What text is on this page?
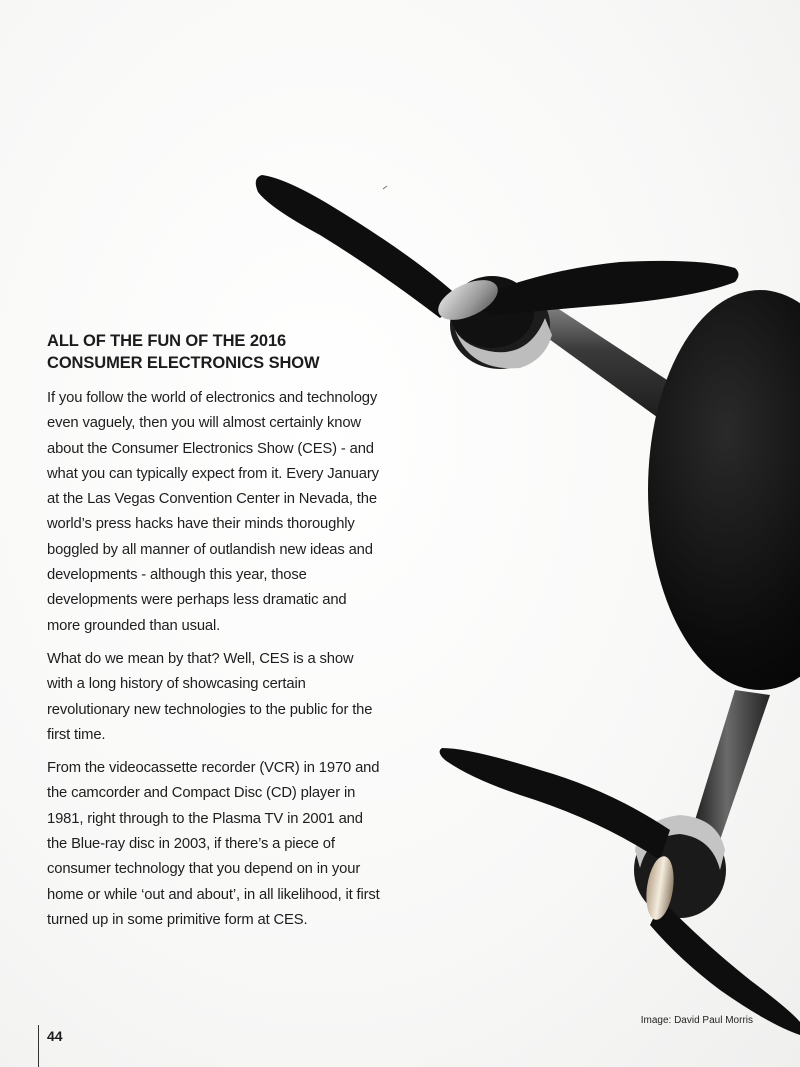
ALL OF THE FUN OF THE 2016
CONSUMER ELECTRONICS SHOW

If you follow the world of electronics and technology even vaguely, then you will almost certainly know about the Consumer Electronics Show (CES) - and what you can typically expect from it. Every January at the Las Vegas Convention Center in Nevada, the world’s press hacks have their minds thoroughly boggled by all manner of outlandish new ideas and developments - although this year, those developments were perhaps less dramatic and more grounded than usual.

What do we mean by that? Well, CES is a show with a long history of showcasing certain revolutionary new technologies to the public for the first time.

From the videocassette recorder (VCR) in 1970 and the camcorder and Compact Disc (CD) player in 1981, right through to the Plasma TV in 2001 and the Blue-ray disc in 2003, if there’s a piece of consumer technology that you depend on in your home or while ‘out and about’, in all likelihood, it first turned up in some primitive form at CES.

Image: David Paul Morris
44
